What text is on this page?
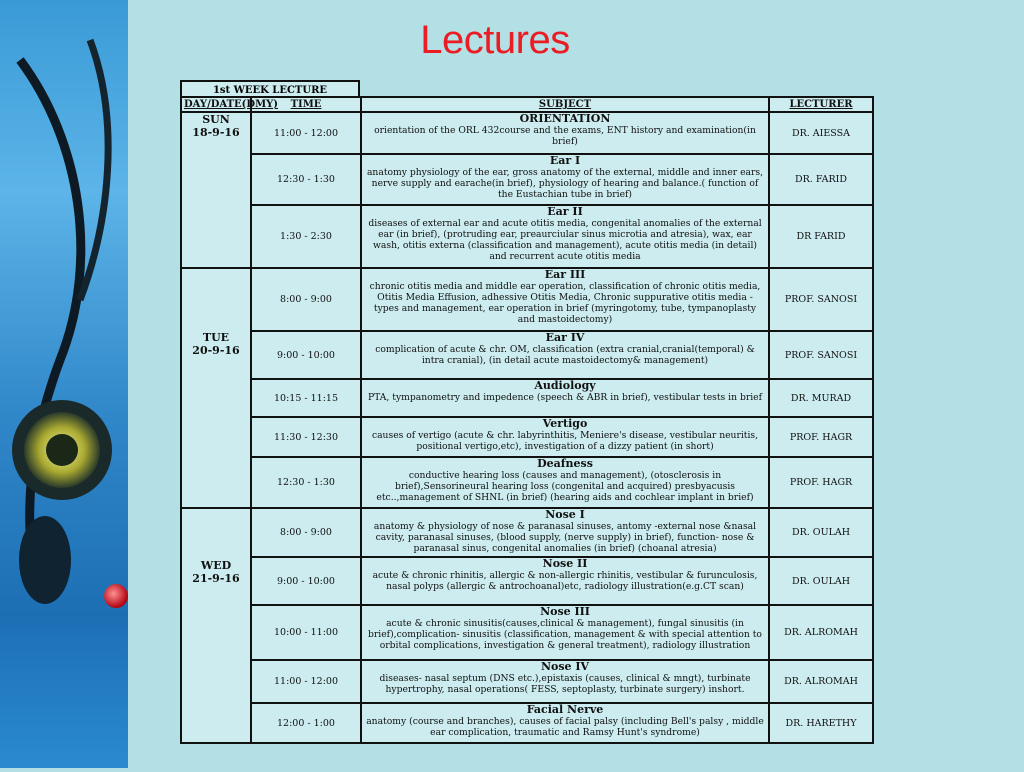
Lectures
1st WEEK LECTURE
DAY/DATE(DMY)	TIME	SUBJECT	LECTURER
SUN
18-9-16	11:00 - 12:00	ORIENTATION
orientation of the ORL 432course and the exams, ENT history and examination(in brief)	DR. AIESSA
	12:30 - 1:30	Ear I
anatomy physiology of the ear, gross anatomy of the external, middle and inner ears, nerve supply and earache(in brief), physiology of hearing and balance.( function of the Eustachian tube in brief)	DR. FARID
	1:30 - 2:30	Ear II
diseases of external ear and acute otitis media, congenital anomalies of the external ear (in brief), (protruding ear, preaurciular sinus microtia and atresia), wax, ear wash, otitis externa (classification and management), acute otitis media (in detail) and recurrent acute otitis media	DR FARID
TUE
20-9-16	8:00 - 9:00	Ear III
chronic otitis media and middle ear operation, classification of chronic otitis media, Otitis Media Effusion, adhessive Otitis Media, Chronic suppurative otitis media - types and management, ear operation in brief (myringotomy, tube, tympanoplasty and mastoidectomy)	PROF. SANOSI
	9:00 - 10:00	Ear IV
complication of acute & chr. OM, classification (extra cranial,cranial(temporal) & intra cranial), (in detail acute mastoidectomy& management)	PROF. SANOSI
	10:15 - 11:15	Audiology
PTA, tympanometry and impedence (speech & ABR in brief), vestibular tests in brief	DR. MURAD
	11:30 - 12:30	Vertigo
causes of vertigo (acute & chr. labyrinthitis, Meniere's disease, vestibular neuritis, positional vertigo,etc), investigation of a dizzy patient (in short)	PROF. HAGR
	12:30 - 1:30	Deafness
conductive hearing loss (causes and management), (otosclerosis in brief),Sensorineural hearing loss (congenital and acquired) presbyacusis etc..,management of SHNL (in brief) (hearing aids and cochlear implant in brief)	PROF. HAGR
WED
21-9-16	8:00 - 9:00	Nose I
anatomy & physiology of nose & paranasal sinuses, antomy -external nose &nasal cavity, paranasal sinuses, (blood supply, (nerve supply) in brief), function- nose & paranasal sinus, congenital anomalies (in brief) (choanal atresia)	DR. OULAH
	9:00 - 10:00	Nose II
acute & chronic rhinitis, allergic & non-allergic rhinitis, vestibular & furunculosis, nasal polyps (allergic & antrochoanal)etc, radiology illustration(e.g.CT scan)	DR. OULAH
	10:00 - 11:00	Nose III
acute & chronic sinusitis(causes,clinical & management), fungal sinusitis (in brief),complication- sinusitis (classification, management & with special attention to orbital complications, investigation & general treatment), radiology illustration	DR. ALROMAH
	11:00 - 12:00	Nose IV
diseases- nasal septum (DNS etc.),epistaxis (causes, clinical & mngt), turbinate hypertrophy, nasal operations( FESS, septoplasty, turbinate surgery) inshort.	DR. ALROMAH
	12:00 - 1:00	Facial Nerve
anatomy (course and branches), causes of facial palsy (including Bell's palsy , middle ear complication, traumatic and Ramsy Hunt's syndrome)	DR. HARETHY
